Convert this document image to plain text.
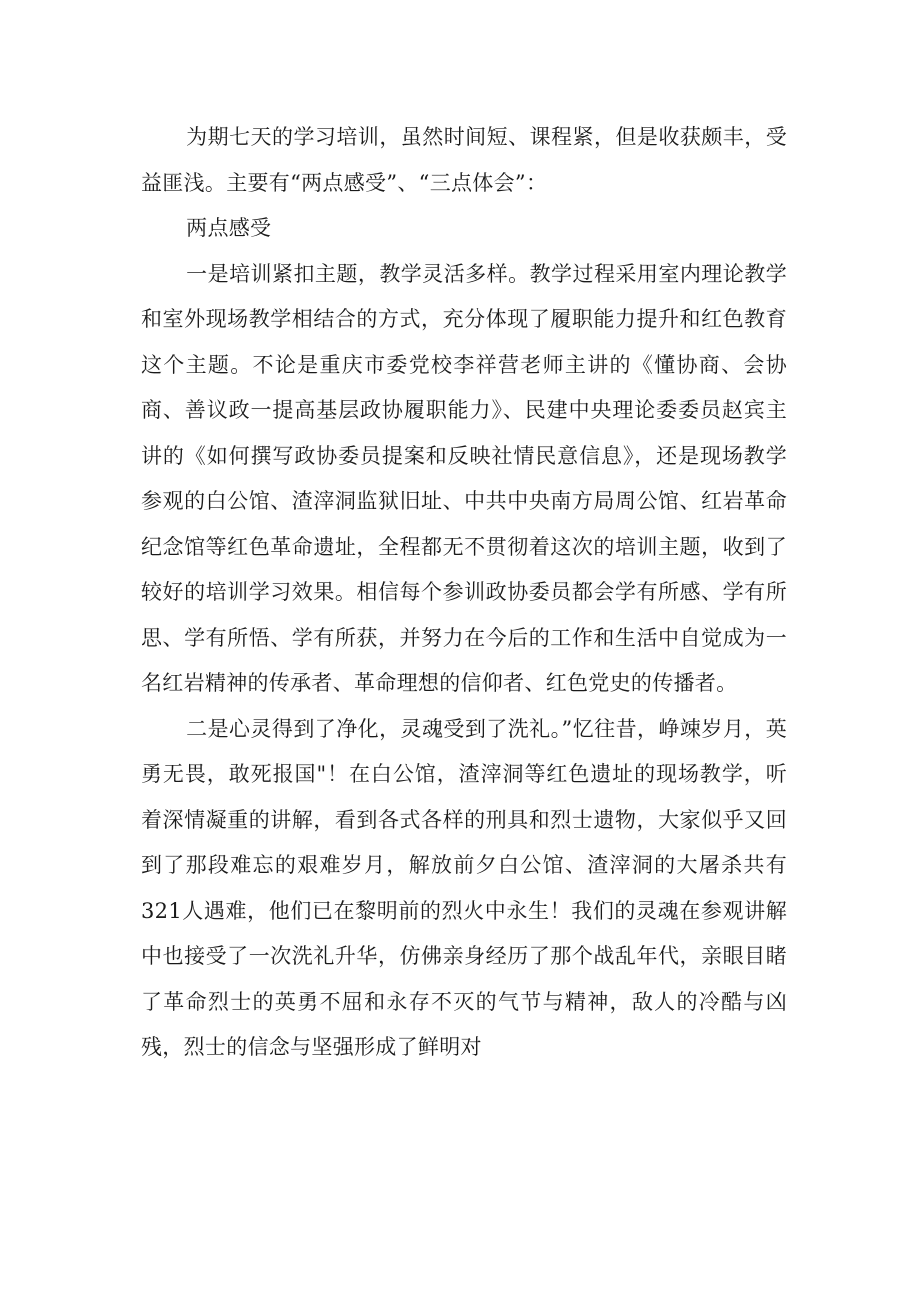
为期七天的学习培训，虽然时间短、课程紧，但是收获颇丰，受益匪浅。主要有“两点感受”、“三点体会”：

两点感受

一是培训紧扣主题，教学灵活多样。教学过程采用室内理论教学和室外现场教学相结合的方式，充分体现了履职能力提升和红色教育这个主题。不论是重庆市委党校李祥营老师主讲的《懂协商、会协商、善议政一提高基层政协履职能力》、民建中央理论委委员赵宾主讲的《如何撰写政协委员提案和反映社情民意信息》，还是现场教学参观的白公馆、渣滓洞监狱旧址、中共中央南方局周公馆、红岩革命纪念馆等红色革命遗址，全程都无不贯彻着这次的培训主题，收到了较好的培训学习效果。相信每个参训政协委员都会学有所感、学有所思、学有所悟、学有所获，并努力在今后的工作和生活中自觉成为一名红岩精神的传承者、革命理想的信仰者、红色党史的传播者。

二是心灵得到了净化，灵魂受到了洗礼。”忆往昔，峥竦岁月，英勇无畏，敢死报国"！在白公馆，渣滓洞等红色遗址的现场教学，听着深情凝重的讲解，看到各式各样的刑具和烈士遗物，大家似乎又回到了那段难忘的艰难岁月，解放前夕白公馆、渣滓洞的大屠杀共有321人遇难，他们已在黎明前的烈火中永生！我们的灵魂在参观讲解中也接受了一次洗礼升华，仿佛亲身经历了那个战乱年代，亲眼目睹了革命烈士的英勇不屈和永存不灭的气节与精神，敌人的冷酷与凶残，烈士的信念与坚强形成了鲜明对
